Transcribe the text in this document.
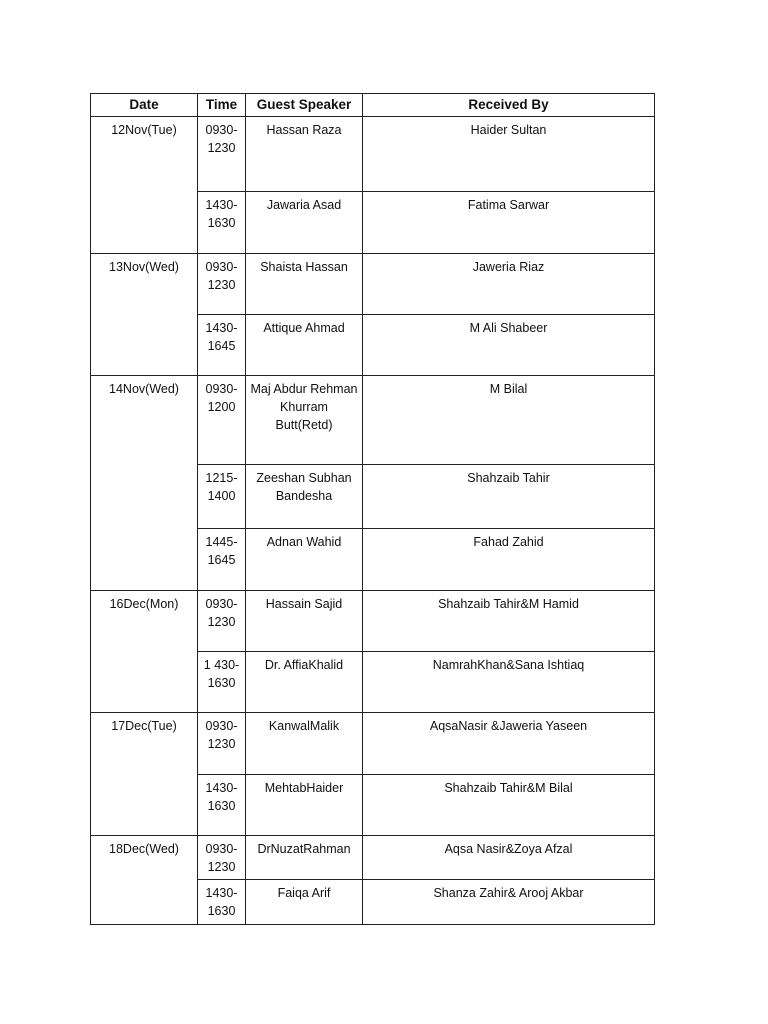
Date	Time	Guest Speaker	Received By
12Nov(Tue)	0930-1230	Hassan Raza	Haider Sultan
	1430-1630	Jawaria Asad	Fatima Sarwar
13Nov(Wed)	0930-1230	Shaista Hassan	Jaweria Riaz
	1430-1645	Attique Ahmad	M Ali Shabeer
14Nov(Wed)	0930-1200	Maj Abdur Rehman Khurram Butt(Retd)	M Bilal
	1215-1400	Zeeshan Subhan Bandesha	Shahzaib Tahir
	1445-1645	Adnan Wahid	Fahad Zahid
16Dec(Mon)	0930-1230	Hassain Sajid	Shahzaib Tahir&M Hamid
	1 430-1630	Dr. AffiaKhalid	NamrahKhan&Sana Ishtiaq
17Dec(Tue)	0930-1230	KanwalMalik	AqsaNasir &Jaweria Yaseen
	1430-1630	MehtabHaider	Shahzaib Tahir&M Bilal
18Dec(Wed)	0930-1230	DrNuzatRahman	Aqsa Nasir&Zoya Afzal
	1430-1630	Faiqa Arif	Shanza Zahir& Arooj Akbar
